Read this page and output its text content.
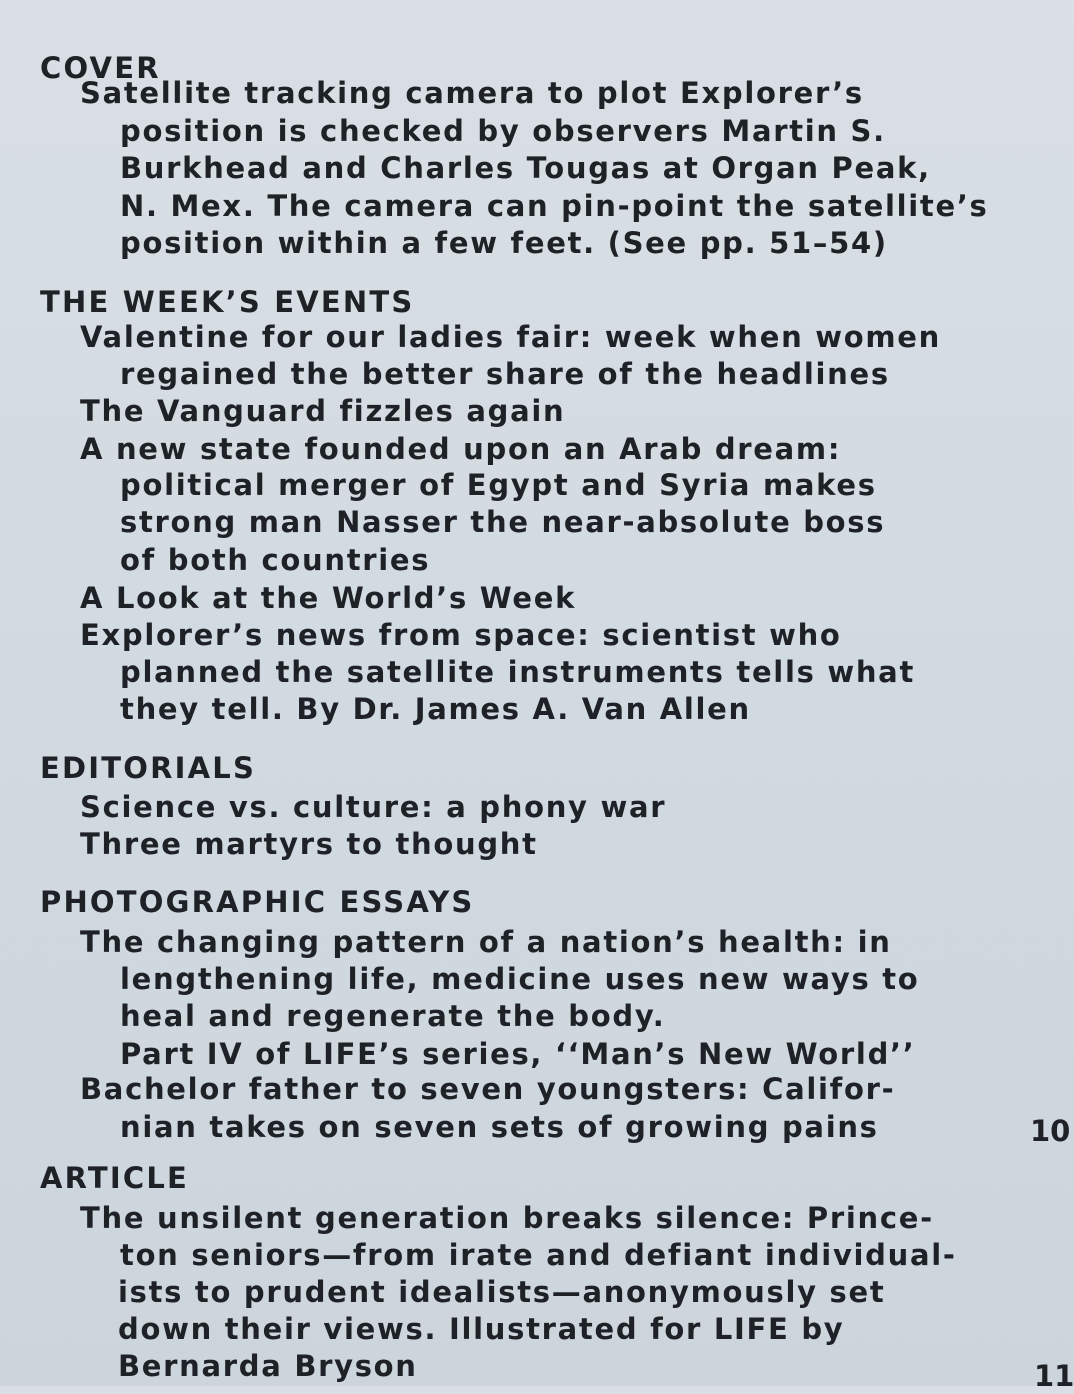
COVER
Satellite tracking camera to plot Explorer’s
position is checked by observers Martin S.
Burkhead and Charles Tougas at Organ Peak,
N. Mex. The camera can pin-point the satellite’s
position within a few feet. (See pp. 51–54)
THE WEEK’S EVENTS
Valentine for our ladies fair: week when women
regained the better share of the headlines
The Vanguard fizzles again
A new state founded upon an Arab dream:
political merger of Egypt and Syria makes
strong man Nasser the near-absolute boss
of both countries
A Look at the World’s Week
Explorer’s news from space: scientist who
planned the satellite instruments tells what
they tell. By Dr. James A. Van Allen
EDITORIALS
Science vs. culture: a phony war
Three martyrs to thought
PHOTOGRAPHIC ESSAYS
The changing pattern of a nation’s health: in
lengthening life, medicine uses new ways to
heal and regenerate the body.
Part IV of LIFE’s series, ‘‘Man’s New World’’
Bachelor father to seven youngsters: Califor-
nian takes on seven sets of growing pains	10
ARTICLE
The unsilent generation breaks silence: Prince-
ton seniors—from irate and defiant individual-
ists to prudent idealists—anonymously set
down their views. Illustrated for LIFE by
Bernarda Bryson	11
